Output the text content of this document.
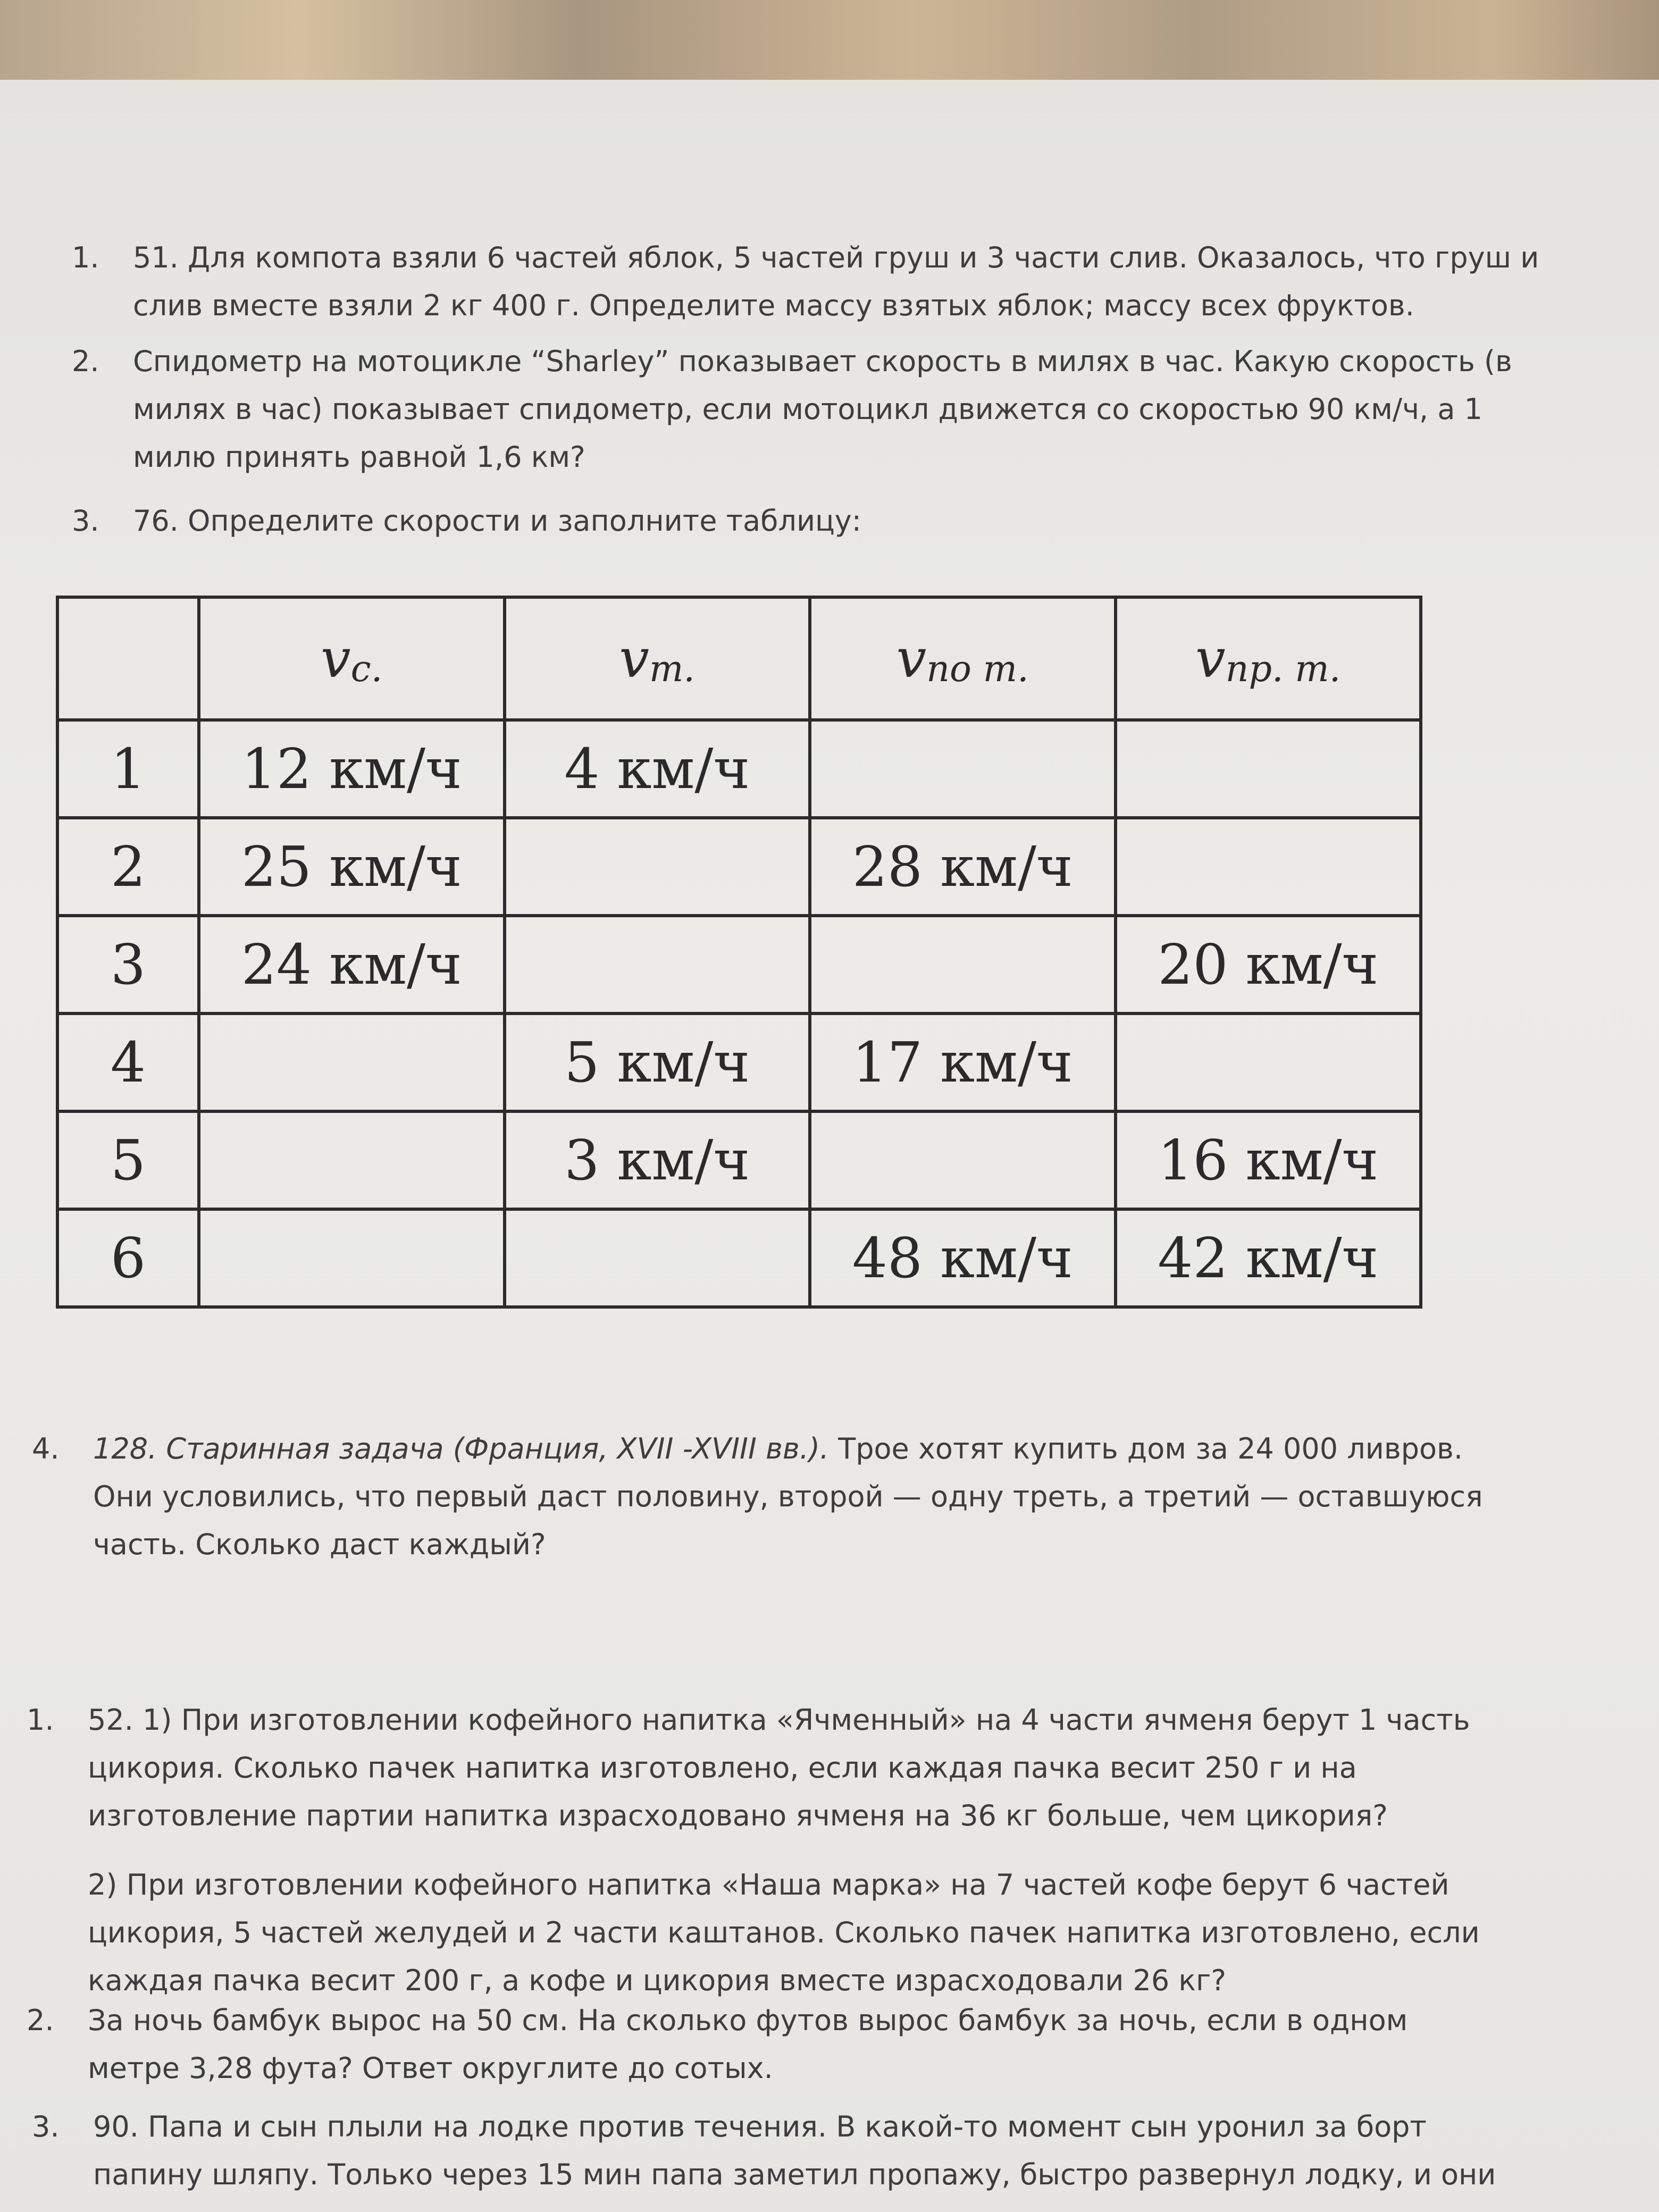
1.	51. Для компота взяли 6 частей яблок, 5 частей груш и 3 части слив. Оказалось, что груш и

слив вместе взяли 2 кг 400 г. Определите массу взятых яблок; массу всех фруктов.

2.	Спидометр на мотоцикле “Sharley” показывает скорость в милях в час. Какую скорость (в

милях в час) показывает спидометр, если мотоцикл движется со скоростью 90 км/ч, а 1

милю принять равной 1,6 км?

3.	76. Определите скорости и заполните таблицу:

	$v_{c.}$	$v_{т.}$	$v_{по т.}$	$v_{пр. т.}$
1	12 км/ч	4 км/ч		
2	25 км/ч		28 км/ч	
3	24 км/ч			20 км/ч
4		5 км/ч	17 км/ч	
5		3 км/ч		16 км/ч
6			48 км/ч	42 км/ч
4.	128. Старинная задача (Франция, XVII -XVIII вв.). Трое хотят купить дом за 24 000 ливров.

Они условились, что первый даст половину, второй — одну треть, а третий — оставшуюся

часть. Сколько даст каждый?

1.	52. 1) При изготовлении кофейного напитка «Ячменный» на 4 части ячменя берут 1 часть

цикория. Сколько пачек напитка изготовлено, если каждая пачка весит 250 г и на

изготовление партии напитка израсходовано ячменя на 36 кг больше, чем цикория?

2) При изготовлении кофейного напитка «Наша марка» на 7 частей кофе берут 6 частей

цикория, 5 частей желудей и 2 части каштанов. Сколько пачек напитка изготовлено, если

каждая пачка весит 200 г, а кофе и цикория вместе израсходовали 26 кг?

2.	За ночь бамбук вырос на 50 см. На сколько футов вырос бамбук за ночь, если в одном

метре 3,28 фута? Ответ округлите до сотых.

3.	90. Папа и сын плыли на лодке против течения. В какой-то момент сын уронил за борт

папину шляпу. Только через 15 мин папа заметил пропажу, быстро развернул лодку, и они
